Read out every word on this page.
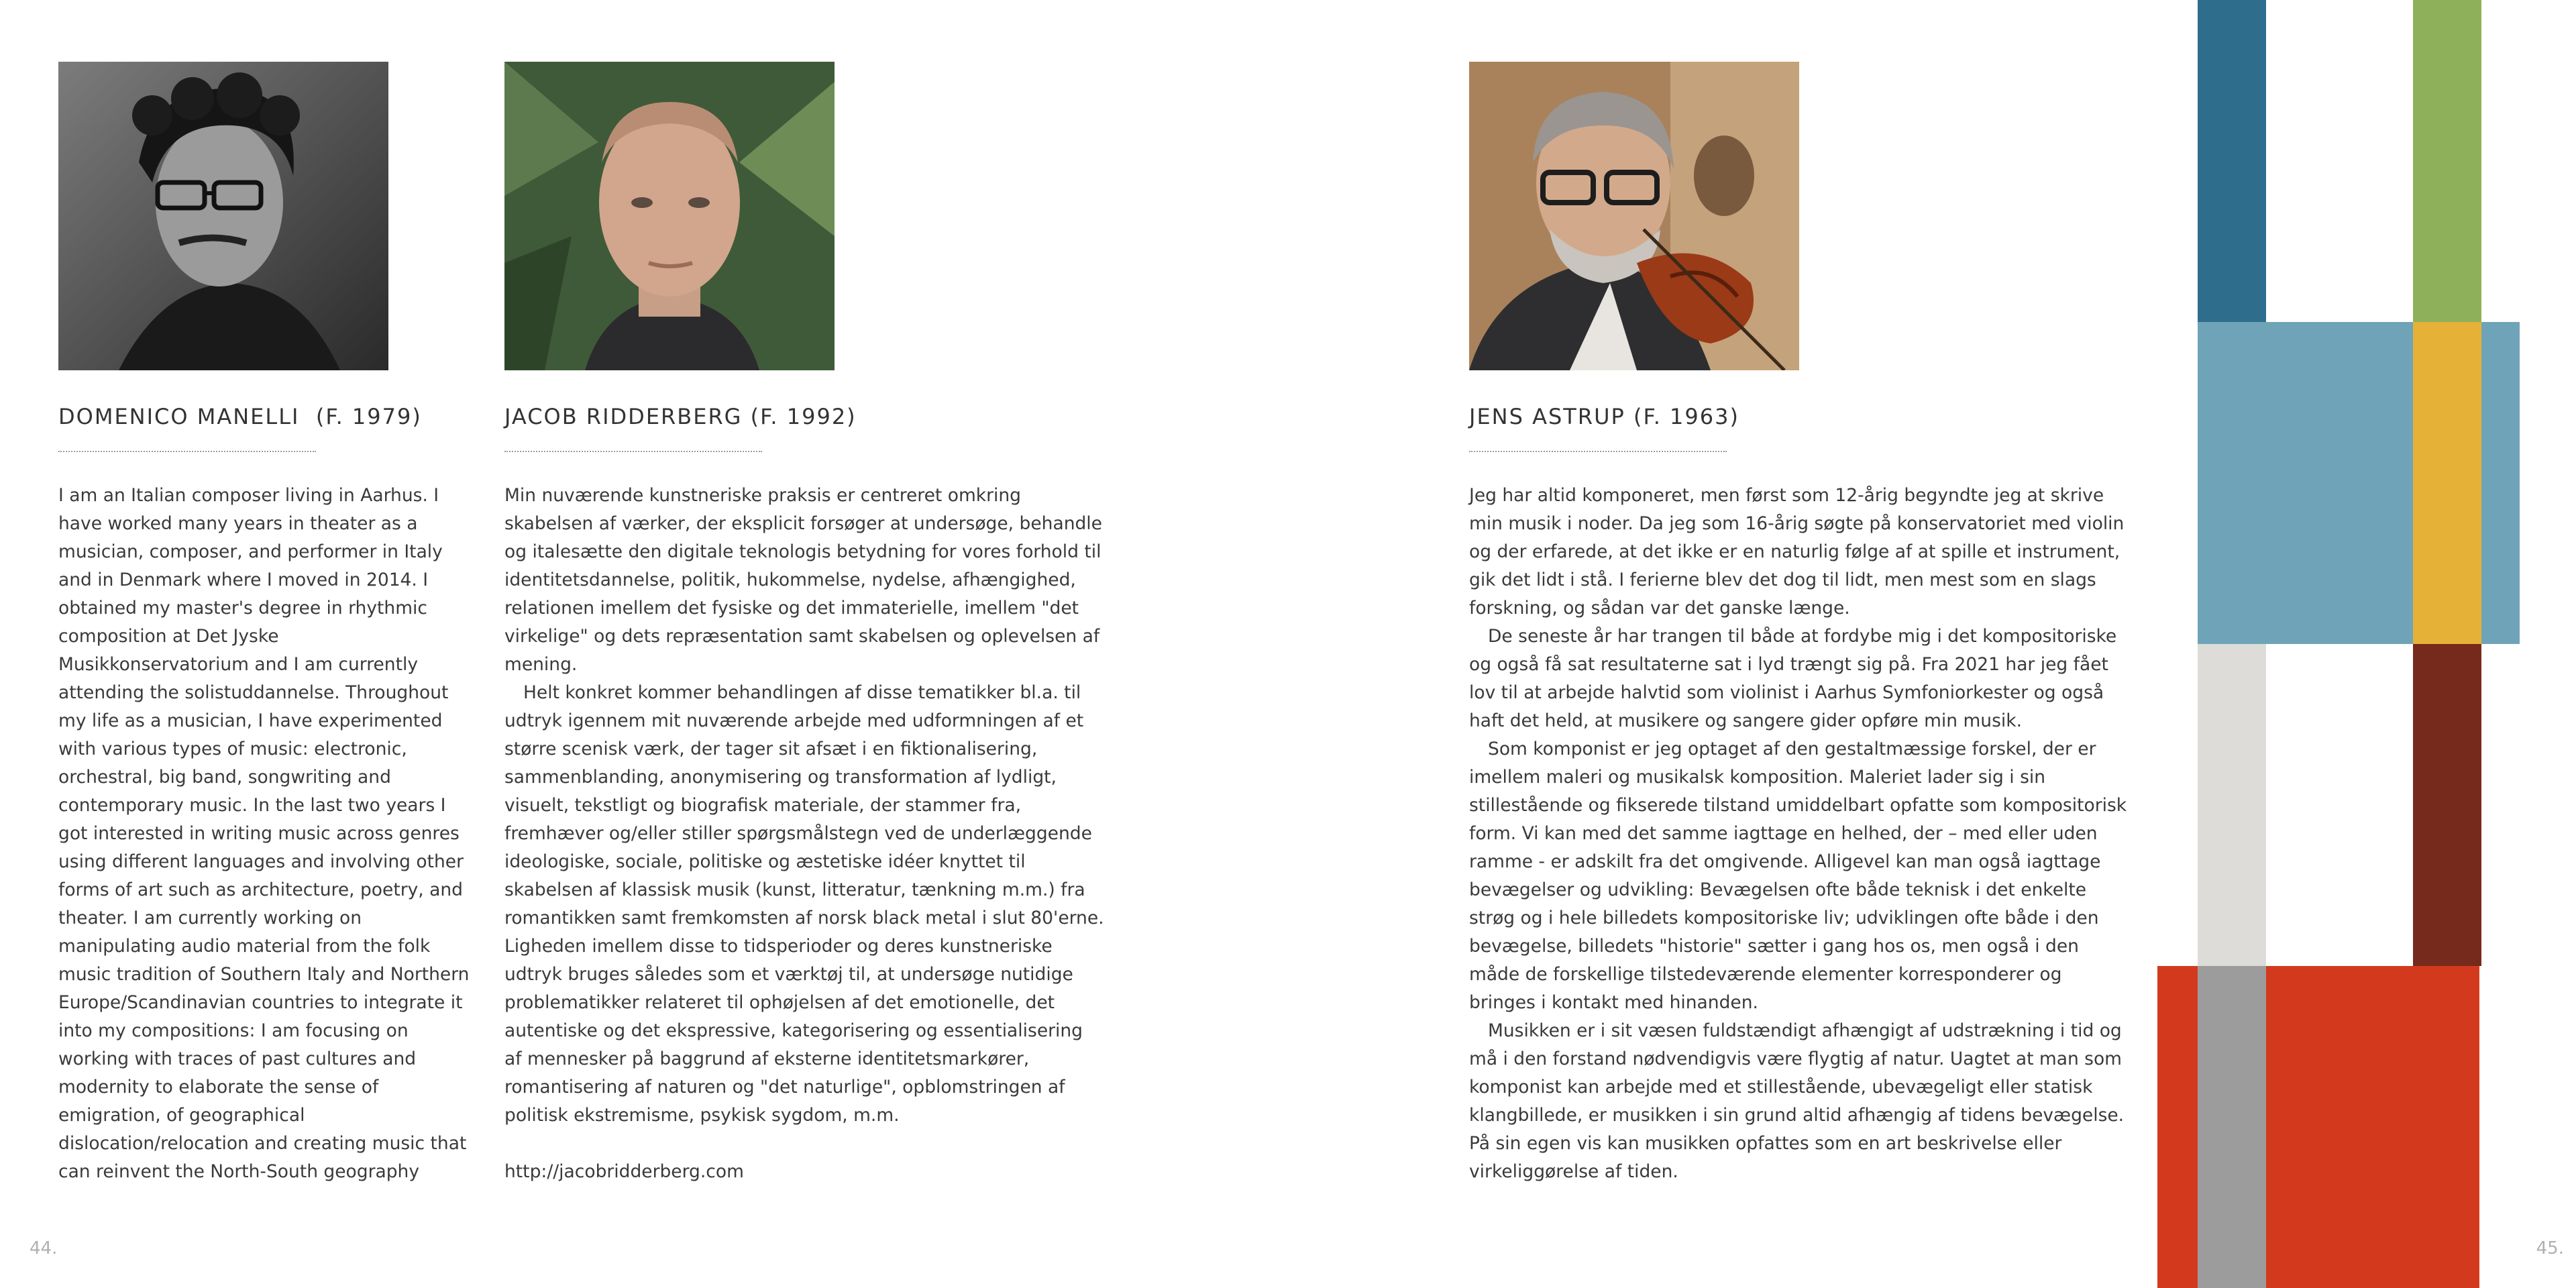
DOMENICO MANELLI  (F. 1979)	JACOB RIDDERBERG (F. 1992)	JENS ASTRUP (F. 1963)

I am an Italian composer living in Aarhus. I have worked many years in theater as a musician, composer, and performer in Italy and in Denmark where I moved in 2014. I obtained my master's degree in rhythmic composition at Det Jyske Musikkonservatorium and I am currently attending the solistuddannelse. Throughout my life as a musician, I have experimented with various types of music: electronic, orchestral, big band, songwriting and contemporary music. In the last two years I got interested in writing music across genres using different languages and involving other forms of art such as architecture, poetry, and theater. I am currently working on manipulating audio material from the folk music tradition of Southern Italy and Northern Europe/Scandinavian countries to integrate it into my compositions: I am focusing on working with traces of past cultures and modernity to elaborate the sense of emigration, of geographical dislocation/relocation and creating music that can reinvent the North-South geography

Min nuværende kunstneriske praksis er centreret omkring skabelsen af værker, der eksplicit forsøger at undersøge, behandle og italesætte den digitale teknologis betydning for vores forhold til identitetsdannelse, politik, hukommelse, nydelse, afhængighed, relationen imellem det fysiske og det immaterielle, imellem "det virkelige" og dets repræsentation samt skabelsen og oplevelsen af mening.

Helt konkret kommer behandlingen af disse tematikker bl.a. til udtryk igennem mit nuværende arbejde med udformningen af et større scenisk værk, der tager sit afsæt i en fiktionalisering, sammenblanding, anonymisering og transformation af lydligt, visuelt, tekstligt og biografisk materiale, der stammer fra, fremhæver og/eller stiller spørgsmålstegn ved de underlæggende ideologiske, sociale, politiske og æstetiske idéer knyttet til skabelsen af klassisk musik (kunst, litteratur, tænkning m.m.) fra romantikken samt fremkomsten af norsk black metal i slut 80'erne. Ligheden imellem disse to tidsperioder og deres kunstneriske udtryk bruges således som et værktøj til, at undersøge nutidige problematikker relateret til ophøjelsen af det emotionelle, det autentiske og det ekspressive, kategorisering og essentialisering af mennesker på baggrund af eksterne identitetsmarkører, romantisering af naturen og "det naturlige", opblomstringen af politisk ekstremisme, psykisk sygdom, m.m.

http://jacobridderberg.com

Jeg har altid komponeret, men først som 12-årig begyndte jeg at skrive min musik i noder. Da jeg som 16-årig søgte på konservatoriet med violin og der erfarede, at det ikke er en naturlig følge af at spille et instrument, gik det lidt i stå. I ferierne blev det dog til lidt, men mest som en slags forskning, og sådan var det ganske længe.

De seneste år har trangen til både at fordybe mig i det kompositoriske og også få sat resultaterne sat i lyd trængt sig på. Fra 2021 har jeg fået lov til at arbejde halvtid som violinist i Aarhus Symfoniorkester og også haft det held, at musikere og sangere gider opføre min musik.

Som komponist er jeg optaget af den gestaltmæssige forskel, der er imellem maleri og musikalsk komposition. Maleriet lader sig i sin stillestående og fikserede tilstand umiddelbart opfatte som kompositorisk form. Vi kan med det samme iagttage en helhed, der – med eller uden ramme - er adskilt fra det omgivende. Alligevel kan man også iagttage bevægelser og udvikling: Bevægelsen ofte både teknisk i det enkelte strøg og i hele billedets kompositoriske liv; udviklingen ofte både i den bevægelse, billedets "historie" sætter i gang hos os, men også i den måde de forskellige tilstedeværende elementer korresponderer og bringes i kontakt med hinanden.

Musikken er i sit væsen fuldstændigt afhængigt af udstrækning i tid og må i den forstand nødvendigvis være flygtig af natur. Uagtet at man som komponist kan arbejde med et stillestående, ubevægeligt eller statisk klangbillede, er musikken i sin grund altid afhængig af tidens bevægelse. På sin egen vis kan musikken opfattes som en art beskrivelse eller virkeliggørelse af tiden.

44.	45.
